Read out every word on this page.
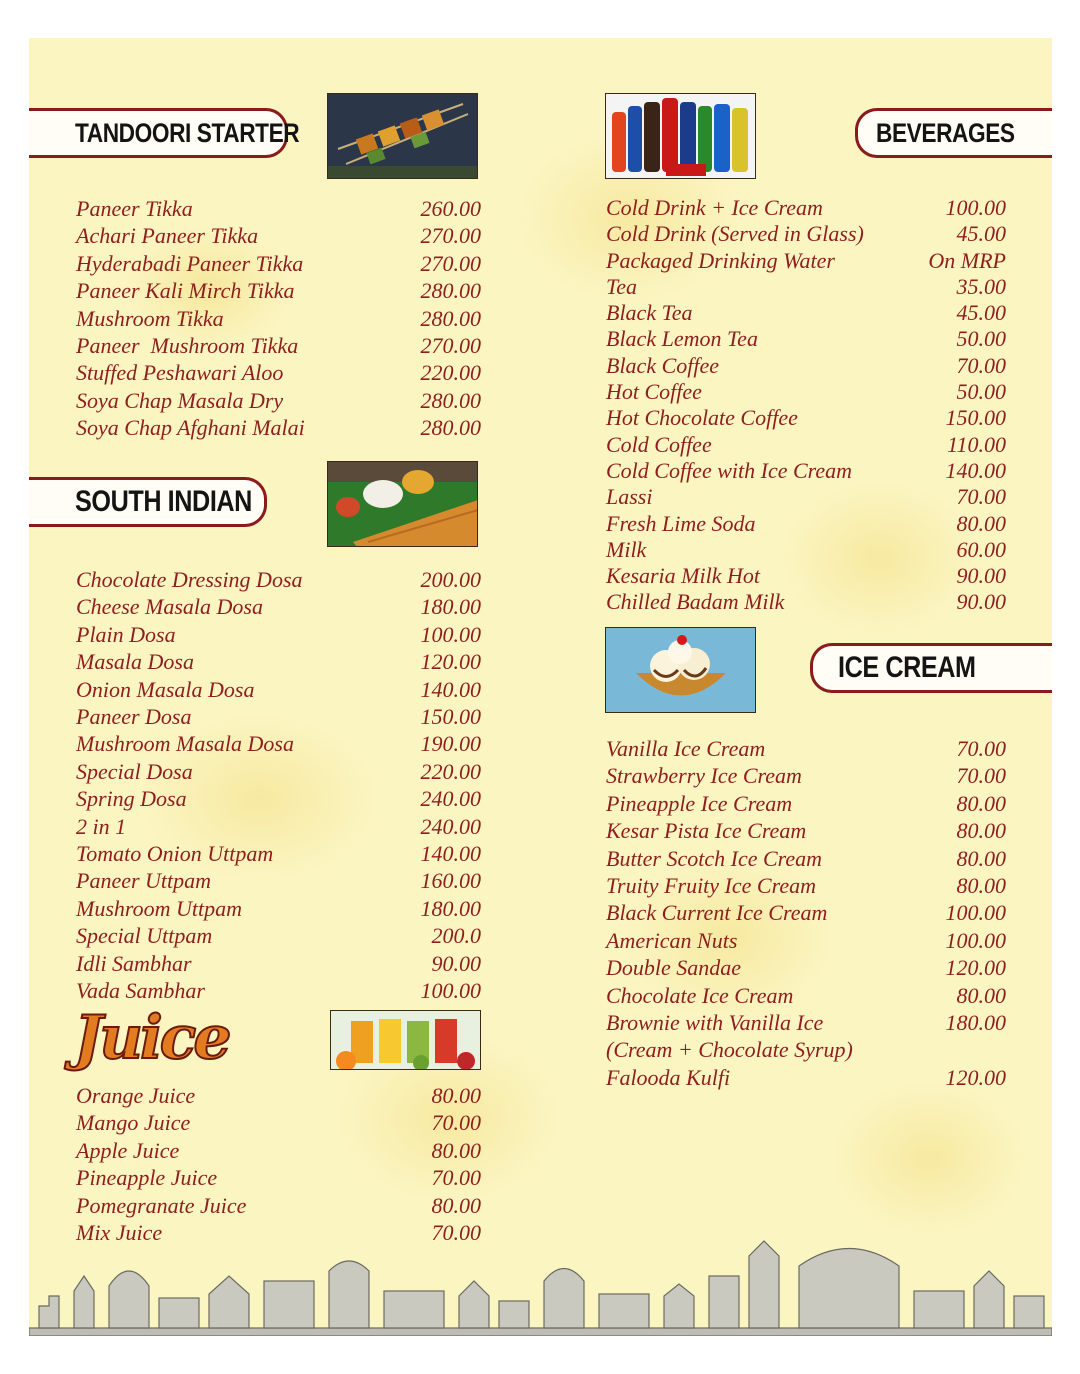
TANDOORI STARTER
Paneer Tikka	260.00
Achari Paneer Tikka	270.00
Hyderabadi Paneer Tikka	270.00
Paneer Kali Mirch Tikka	280.00
Mushroom Tikka	280.00
Paneer  Mushroom Tikka	270.00
Stuffed Peshawari Aloo	220.00
Soya Chap Masala Dry	280.00
Soya Chap Afghani Malai	280.00
SOUTH INDIAN
Chocolate Dressing Dosa	200.00
Cheese Masala Dosa	180.00
Plain Dosa	100.00
Masala Dosa	120.00
Onion Masala Dosa	140.00
Paneer Dosa	150.00
Mushroom Masala Dosa	190.00
Special Dosa	220.00
Spring Dosa	240.00
2 in 1	240.00
Tomato Onion Uttpam	140.00
Paneer Uttpam	160.00
Mushroom Uttpam	180.00
Special Uttpam	200.0
Idli Sambhar	90.00
Vada Sambhar	100.00
Juice
Orange Juice	80.00
Mango Juice	70.00
Apple Juice	80.00
Pineapple Juice	70.00
Pomegranate Juice	80.00
Mix Juice	70.00
BEVERAGES
Cold Drink + Ice Cream	100.00
Cold Drink (Served in Glass)	45.00
Packaged Drinking Water	On MRP
Tea	35.00
Black Tea	45.00
Black Lemon Tea	50.00
Black Coffee	70.00
Hot Coffee	50.00
Hot Chocolate Coffee	150.00
Cold Coffee	110.00
Cold Coffee with Ice Cream	140.00
Lassi	70.00
Fresh Lime Soda	80.00
Milk	60.00
Kesaria Milk Hot	90.00
Chilled Badam Milk	90.00
ICE CREAM
Vanilla Ice Cream	70.00
Strawberry Ice Cream	70.00
Pineapple Ice Cream	80.00
Kesar Pista Ice Cream	80.00
Butter Scotch Ice Cream	80.00
Truity Fruity Ice Cream	80.00
Black Current Ice Cream	100.00
American Nuts	100.00
Double Sandae	120.00
Chocolate Ice Cream	80.00
Brownie with Vanilla Ice	180.00
(Cream + Chocolate Syrup)
Falooda Kulfi	120.00
